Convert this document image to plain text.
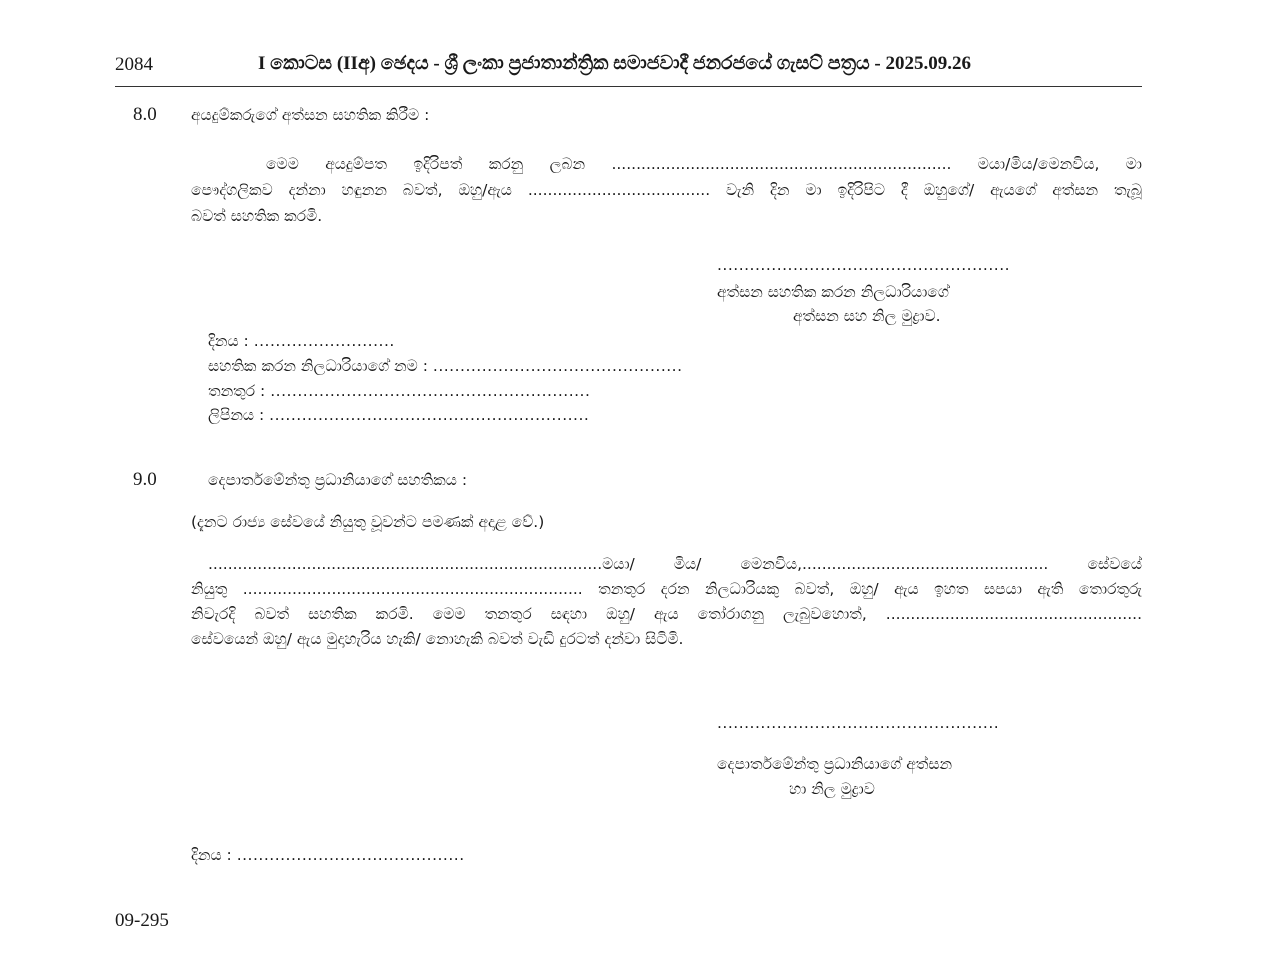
2084	I කොටස (IIඅ) ඡෙදය - ශ්‍රී ලංකා ප්‍රජාතාන්ත්‍රික සමාජවාදී ජනරජයේ ගැසට් පත්‍රය - 2025.09.26
8.0 අයදුම්කරුගේ අත්සන සහතික කිරීම :
මෙම අයදුම්පත ඉදිරිපත් කරනු ලබන ..................................................................... මයා/මිය/මෙනවිය, මා
පෞද්ගලිකව දන්නා හඳුනන බවත්, ඔහු/ඇය ..................................... වැනි දින මා ඉදිරිපිට දී ඔහුගේ/ ඇයගේ අත්සන තැබූ
බවත් සහතික කරමි.
......................................................
අත්සන සහතික කරන නිලධාරියාගේ
අත්සන සහ නිල මුද්‍රාව.
දිනය : ..........................
සහතික කරන නිලධාරියාගේ නම : ..............................................
තනතුර : ...........................................................
ලිපිනය : ...........................................................
9.0	දෙපාර්තමේන්තු ප්‍රධානියාගේ සහතිකය :
(දැනට රාජ්‍ය සේවයේ නියුතු වූවන්ට පමණක් අදාළ වේ.)
................................................................................මයා/ මිය/ මෙනවිය,.................................................. සේවයේ
නියුතු ..................................................................... තනතුර දරන නිලධාරියකු බවත්, ඔහු/ ඇය ඉහත සපයා ඇති තොරතුරු
නිවැරදි බවත් සහතික කරමි. මෙම තනතුර සඳහා ඔහු/ ඇය තෝරාගනු ලැබුවහොත්, ....................................................
සේවයෙන් ඔහු/ ඇය මුදාහැරිය හැකි/ නොහැකි බවත් වැඩි දුරටත් දන්වා සිටිමි.
....................................................
දෙපාර්තමේන්තු ප්‍රධානියාගේ අත්සන
හා නිල මුද්‍රාව
දිනය : ..........................................
09-295
